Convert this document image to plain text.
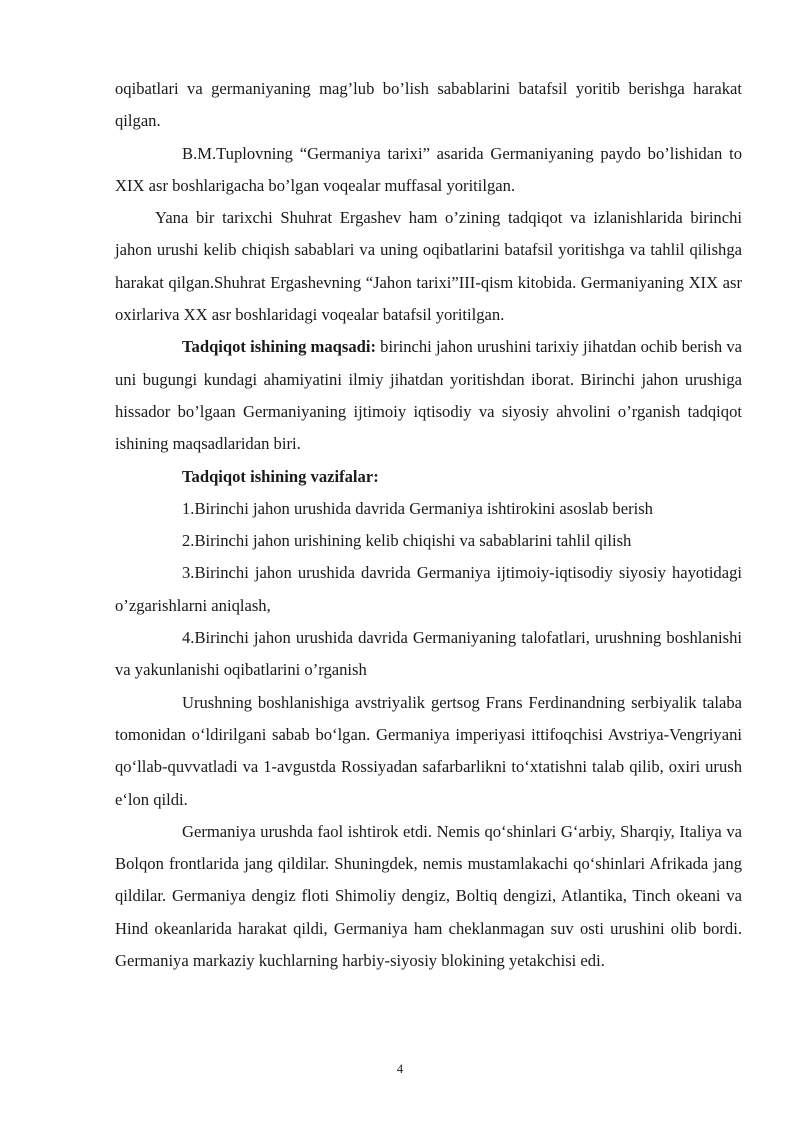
oqibatlari va germaniyaning mag’lub bo’lish sabablarini batafsil yoritib berishga harakat qilgan.

B.M.Tuplovning “Germaniya tarixi” asarida Germaniyaning paydo bo’lishidan to XIX asr boshlarigacha bo’lgan voqealar muffasal yoritilgan.

Yana bir tarixchi Shuhrat Ergashev ham o’zining tadqiqot va izlanishlarida birinchi jahon urushi kelib chiqish sabablari va uning oqibatlarini batafsil yoritishga va tahlil qilishga harakat qilgan.Shuhrat Ergashevning “Jahon tarixi”III-qism kitobida. Germaniyaning XIX asr oxirlariva XX asr boshlaridagi voqealar batafsil yoritilgan.

Tadqiqot ishining maqsadi: birinchi jahon urushini tarixiy jihatdan ochib berish va uni bugungi kundagi ahamiyatini ilmiy jihatdan yoritishdan iborat. Birinchi jahon urushiga hissador bo’lgaan Germaniyaning ijtimoiy iqtisodiy va siyosiy ahvolini o’rganish tadqiqot ishining maqsadlaridan biri.

Tadqiqot ishining vazifalar:

1.Birinchi jahon urushida davrida Germaniya ishtirokini asoslab berish

2.Birinchi jahon urishining kelib chiqishi va sabablarini tahlil qilish

3.Birinchi jahon urushida davrida Germaniya ijtimoiy-iqtisodiy siyosiy hayotidagi o’zgarishlarni aniqlash,

4.Birinchi jahon urushida davrida Germaniyaning talofatlari, urushning boshlanishi va yakunlanishi oqibatlarini o’rganish

Urushning boshlanishiga avstriyalik gertsog Frans Ferdinandning serbiyalik talaba tomonidan oʻldirilgani sabab boʻlgan. Germaniya imperiyasi ittifoqchisi Avstriya-Vengriyani qoʻllab-quvvatladi va 1-avgustda Rossiyadan safarbarlikni toʻxtatishni talab qilib, oxiri urush eʻlon qildi.

Germaniya urushda faol ishtirok etdi. Nemis qoʻshinlari Gʻarbiy, Sharqiy, Italiya va Bolqon frontlarida jang qildilar. Shuningdek, nemis mustamlakachi qoʻshinlari Afrikada jang qildilar. Germaniya dengiz floti Shimoliy dengiz, Boltiq dengizi, Atlantika, Tinch okeani va Hind okeanlarida harakat qildi, Germaniya ham cheklanmagan suv osti urushini olib bordi. Germaniya markaziy kuchlarning harbiy-siyosiy blokining yetakchisi edi.

4
